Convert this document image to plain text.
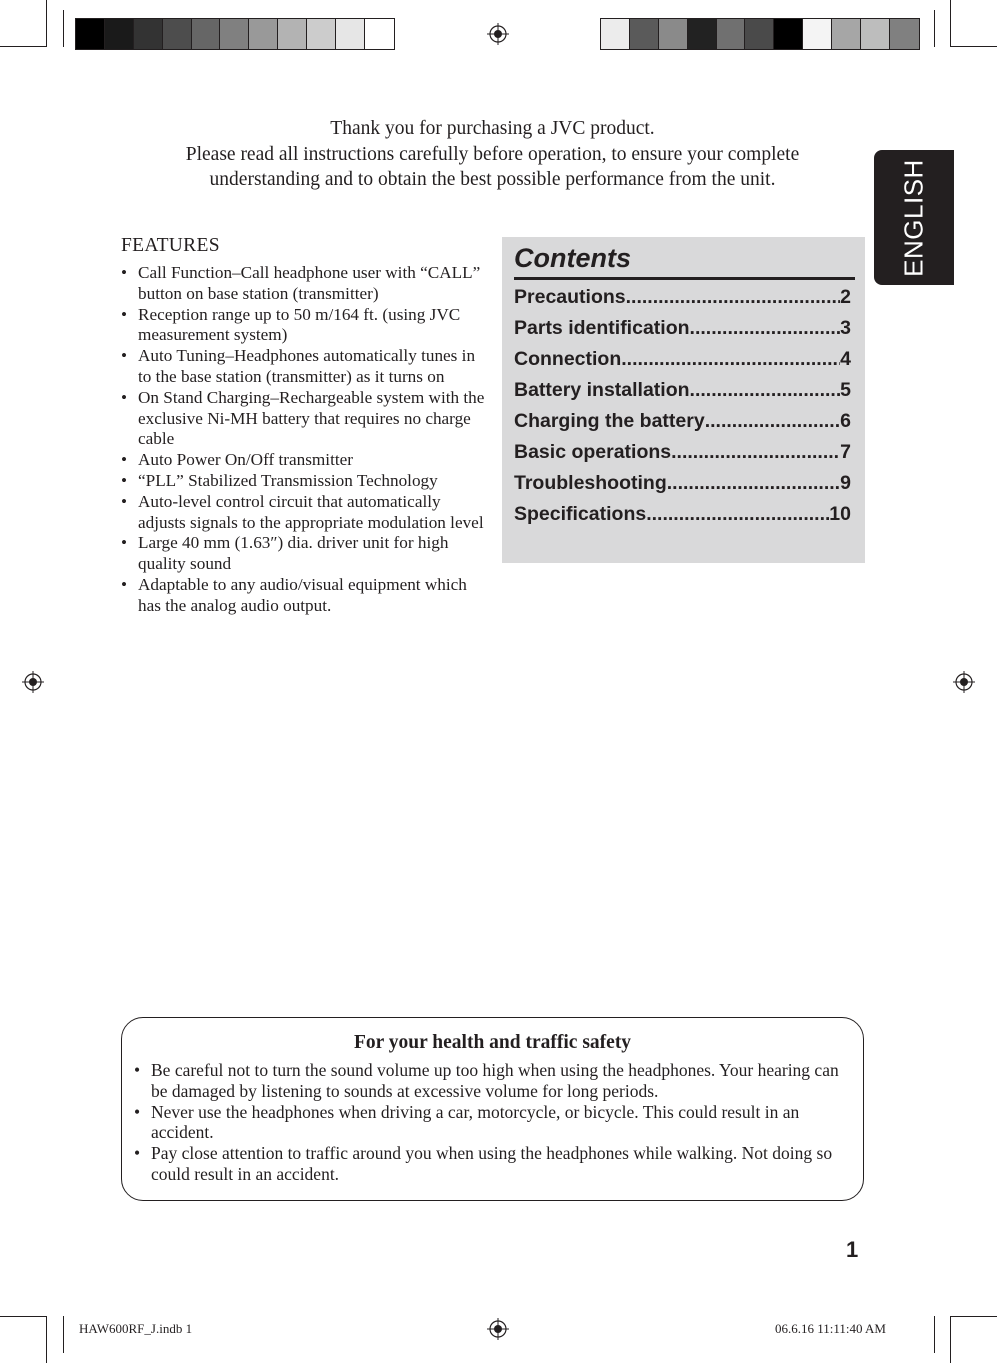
Thank you for purchasing a JVC product.
Please read all instructions carefully before operation, to ensure your complete
understanding and to obtain the best possible performance from the unit.	ENGLISH
FEATURES
• Call Function–Call headphone user with “CALL” button on base station (transmitter)
• Reception range up to 50 m/164 ft. (using JVC measurement system)
• Auto Tuning–Headphones automatically tunes in to the base station (transmitter) as it turns on
• On Stand Charging–Rechargeable system with the exclusive Ni-MH battery that requires no charge cable
• Auto Power On/Off transmitter
• “PLL” Stabilized Transmission Technology
• Auto-level control circuit that automatically adjusts signals to the appropriate modulation level
• Large 40 mm (1.63″) dia. driver unit for high quality sound
• Adaptable to any audio/visual equipment which has the analog audio output.
Contents
Precautions .....	2
Parts identification .....	3
Connection .....	4
Battery installation .....	5
Charging the battery .....	6
Basic operations .....	7
Troubleshooting .....	9
Specifications .....	10
For your health and traffic safety
• Be careful not to turn the sound volume up too high when using the headphones. Your hearing can be damaged by listening to sounds at excessive volume for long periods.
• Never use the headphones when driving a car, motorcycle, or bicycle. This could result in an accident.
• Pay close attention to traffic around you when using the headphones while walking. Not doing so could result in an accident.
1
HAW600RF_J.indb 1	06.6.16 11:11:40 AM
